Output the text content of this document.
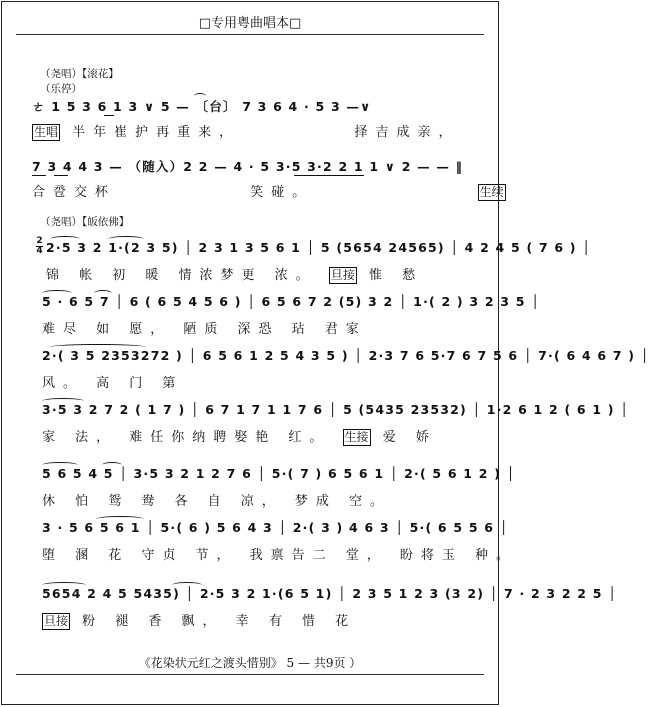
□专用粤曲唱本□
（尧唱）【滚花】
（乐停）
ㄜ 1 5 3 6 1 3 ∨ 5 — 〔台〕 7 3 6 4 · 5 3 —∨
生唱 半年崔护再重来，	择吉成亲，
7 3 4 4 3 — （随入）2 2 — 4 · 5 3·5 3·2 2 1 1 ∨ 2 — — ‖
合卺交杯	笑碰。	生续
（尧唱）【皈依佛】
2
4 2·5 3 2 1·(2 3 5) │ 2 3 1 3 5 6 1 │ 5 (5654 24565) │ 4 2 4 5 ( 7 6 ) │
锦 帐 初 暖 情浓梦更 浓。 旦接 惟 愁
5 · 6 5 7 │ 6 ( 6 5 4 5 6 ) │ 6 5 6 7 2 (5) 3 2 │ 1·( 2 ) 3 2 3 5 │
难尽 如 愿， 陋质 深恐 玷 君家
2·( 3 5 2353272 ) │ 6 5 6 1 2 5 4 3 5 ) │ 2·3 7 6 5·7 6 7 5 6 │ 7·( 6 4 6 7 ) │
风。 高 门 第
3·5 3 2 7 2 ( 1 7 ) │ 6 7 1 7 1 1 7 6 │ 5 (5435 23532) │ 1·2 6 1 2 ( 6 1 ) │
家 法， 难任你纳聘娶艳 红。 生接 爱 娇
5 6 5 4 5 │ 3·5 3 2 1 2 7 6 │ 5·( 7 ) 6 5 6 1 │ 2·( 5 6 1 2 ) │
休 怕 鸳 鸯 各 自 凉， 梦成 空。
3 · 5 6 5 6 1 │ 5·( 6 ) 5 6 4 3 │ 2·( 3 ) 4 6 3 │ 5·( 6 5 5 6 │
堕 溷 花 守贞 节， 我禀告二 堂， 盼将玉 种。
5654 2 4 5 5435) │ 2·5 3 2 1·(6 5 1) │ 2 3 5 1 2 3 (3 2) │ 7 · 2 3 2 2 5 │
旦接 粉 褪 香 飘， 幸 有 惜 花
《花染状元红之渡头惜别》 5 — 共9页 ）
